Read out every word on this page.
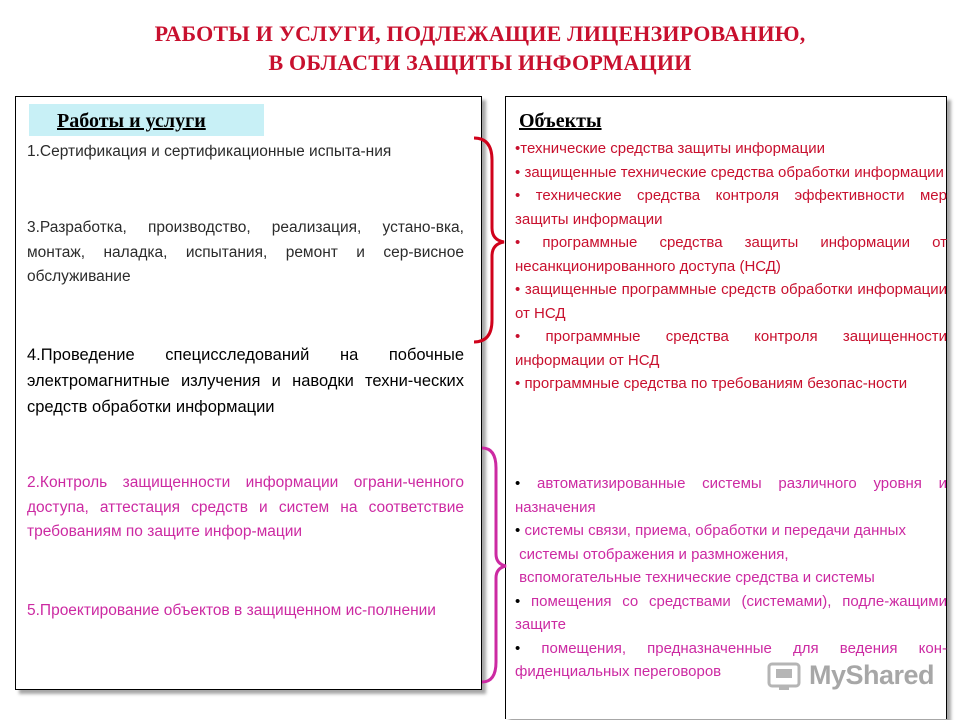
РАБОТЫ И УСЛУГИ, ПОДЛЕЖАЩИЕ ЛИЦЕНЗИРОВАНИЮ,
В ОБЛАСТИ ЗАЩИТЫ ИНФОРМАЦИИ
Работы и услуги	Объекты
1.Сертификация и сертификационные испыта-ния
3.Разработка, производство, реализация, устано-вка, монтаж, наладка, испытания, ремонт и сер-висное обслуживание
4.Проведение специсследований на побочные электромагнитные излучения и наводки техни-ческих средств обработки информации
2.Контроль защищенности информации ограни-ченного доступа, аттестация средств и систем на соответствие требованиям по защите инфор-мации
5.Проектирование объектов в защищенном ис-полнении
•технические средства защиты информации
• защищенные технические средства обработки информации
• технические средства контроля эффективности мер защиты информации
• программные средства защиты информации от несанкционированного доступа (НСД)
• защищенные программные средств обработки информации от НСД
• программные средства контроля защищенности информации от НСД
• программные средства по требованиям безопас-ности
• автоматизированные системы различного уровня и назначения
• системы связи, приема, обработки и передачи данных
системы отображения и размножения,
вспомогательные технические средства и системы
• помещения со средствами (системами), подле-жащими защите
• помещения, предназначенные для ведения кон-фиденциальных переговоров	MyShared
